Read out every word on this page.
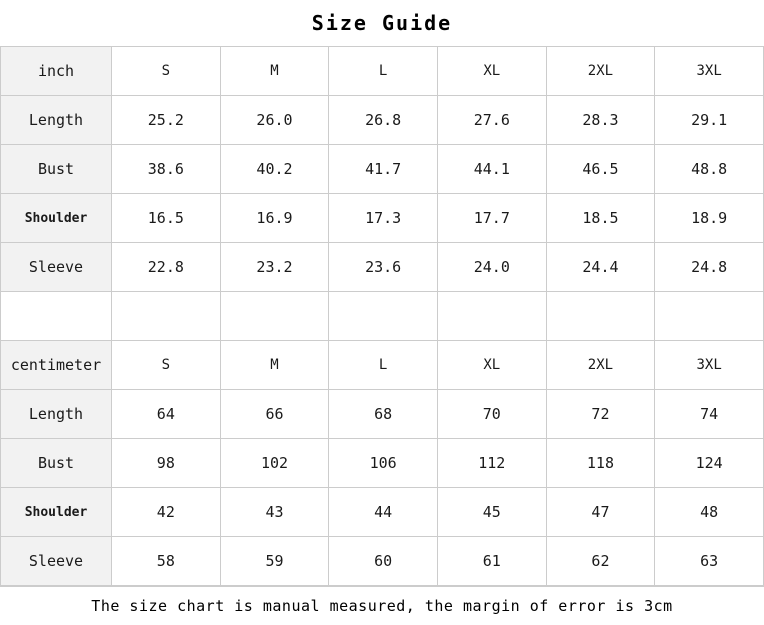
Size Guide
inch	S	M	L	XL	2XL	3XL
Length	25.2	26.0	26.8	27.6	28.3	29.1
Bust	38.6	40.2	41.7	44.1	46.5	48.8
Shoulder	16.5	16.9	17.3	17.7	18.5	18.9
Sleeve	22.8	23.2	23.6	24.0	24.4	24.8

centimeter	S	M	L	XL	2XL	3XL
Length	64	66	68	70	72	74
Bust	98	102	106	112	118	124
Shoulder	42	43	44	45	47	48
Sleeve	58	59	60	61	62	63
The size chart is manual measured, the margin of error is 3cm
